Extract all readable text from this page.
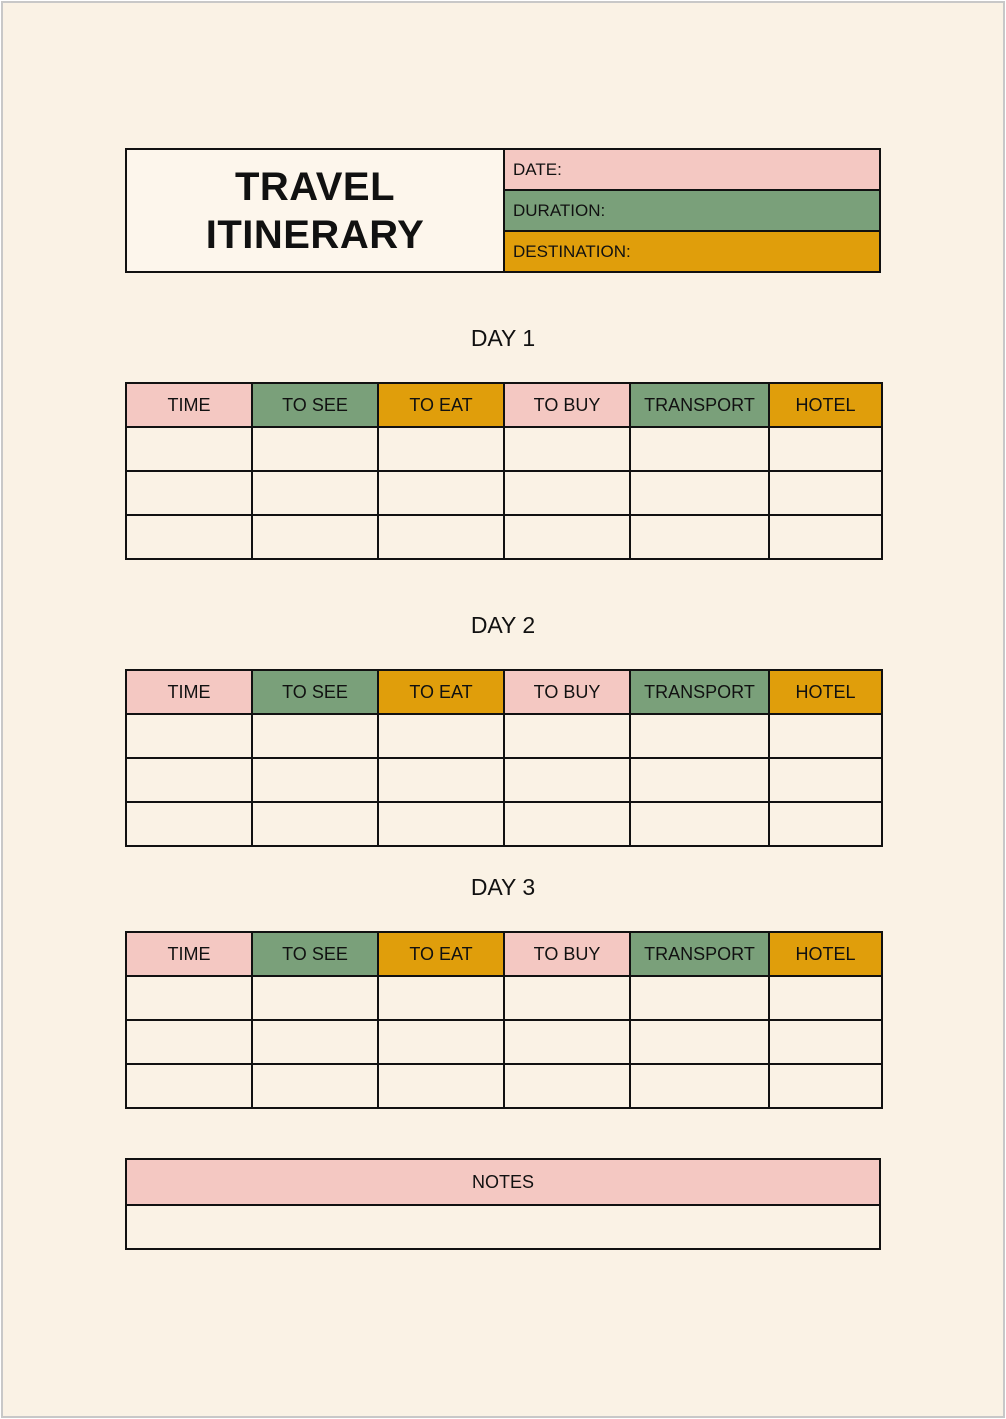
TRAVEL
ITINERARY
DATE:
DURATION:
DESTINATION:
DAY 1
TIME	TO SEE	TO EAT	TO BUY	TRANSPORT	HOTEL

DAY 2
TIME	TO SEE	TO EAT	TO BUY	TRANSPORT	HOTEL

DAY 3
TIME	TO SEE	TO EAT	TO BUY	TRANSPORT	HOTEL

NOTES
